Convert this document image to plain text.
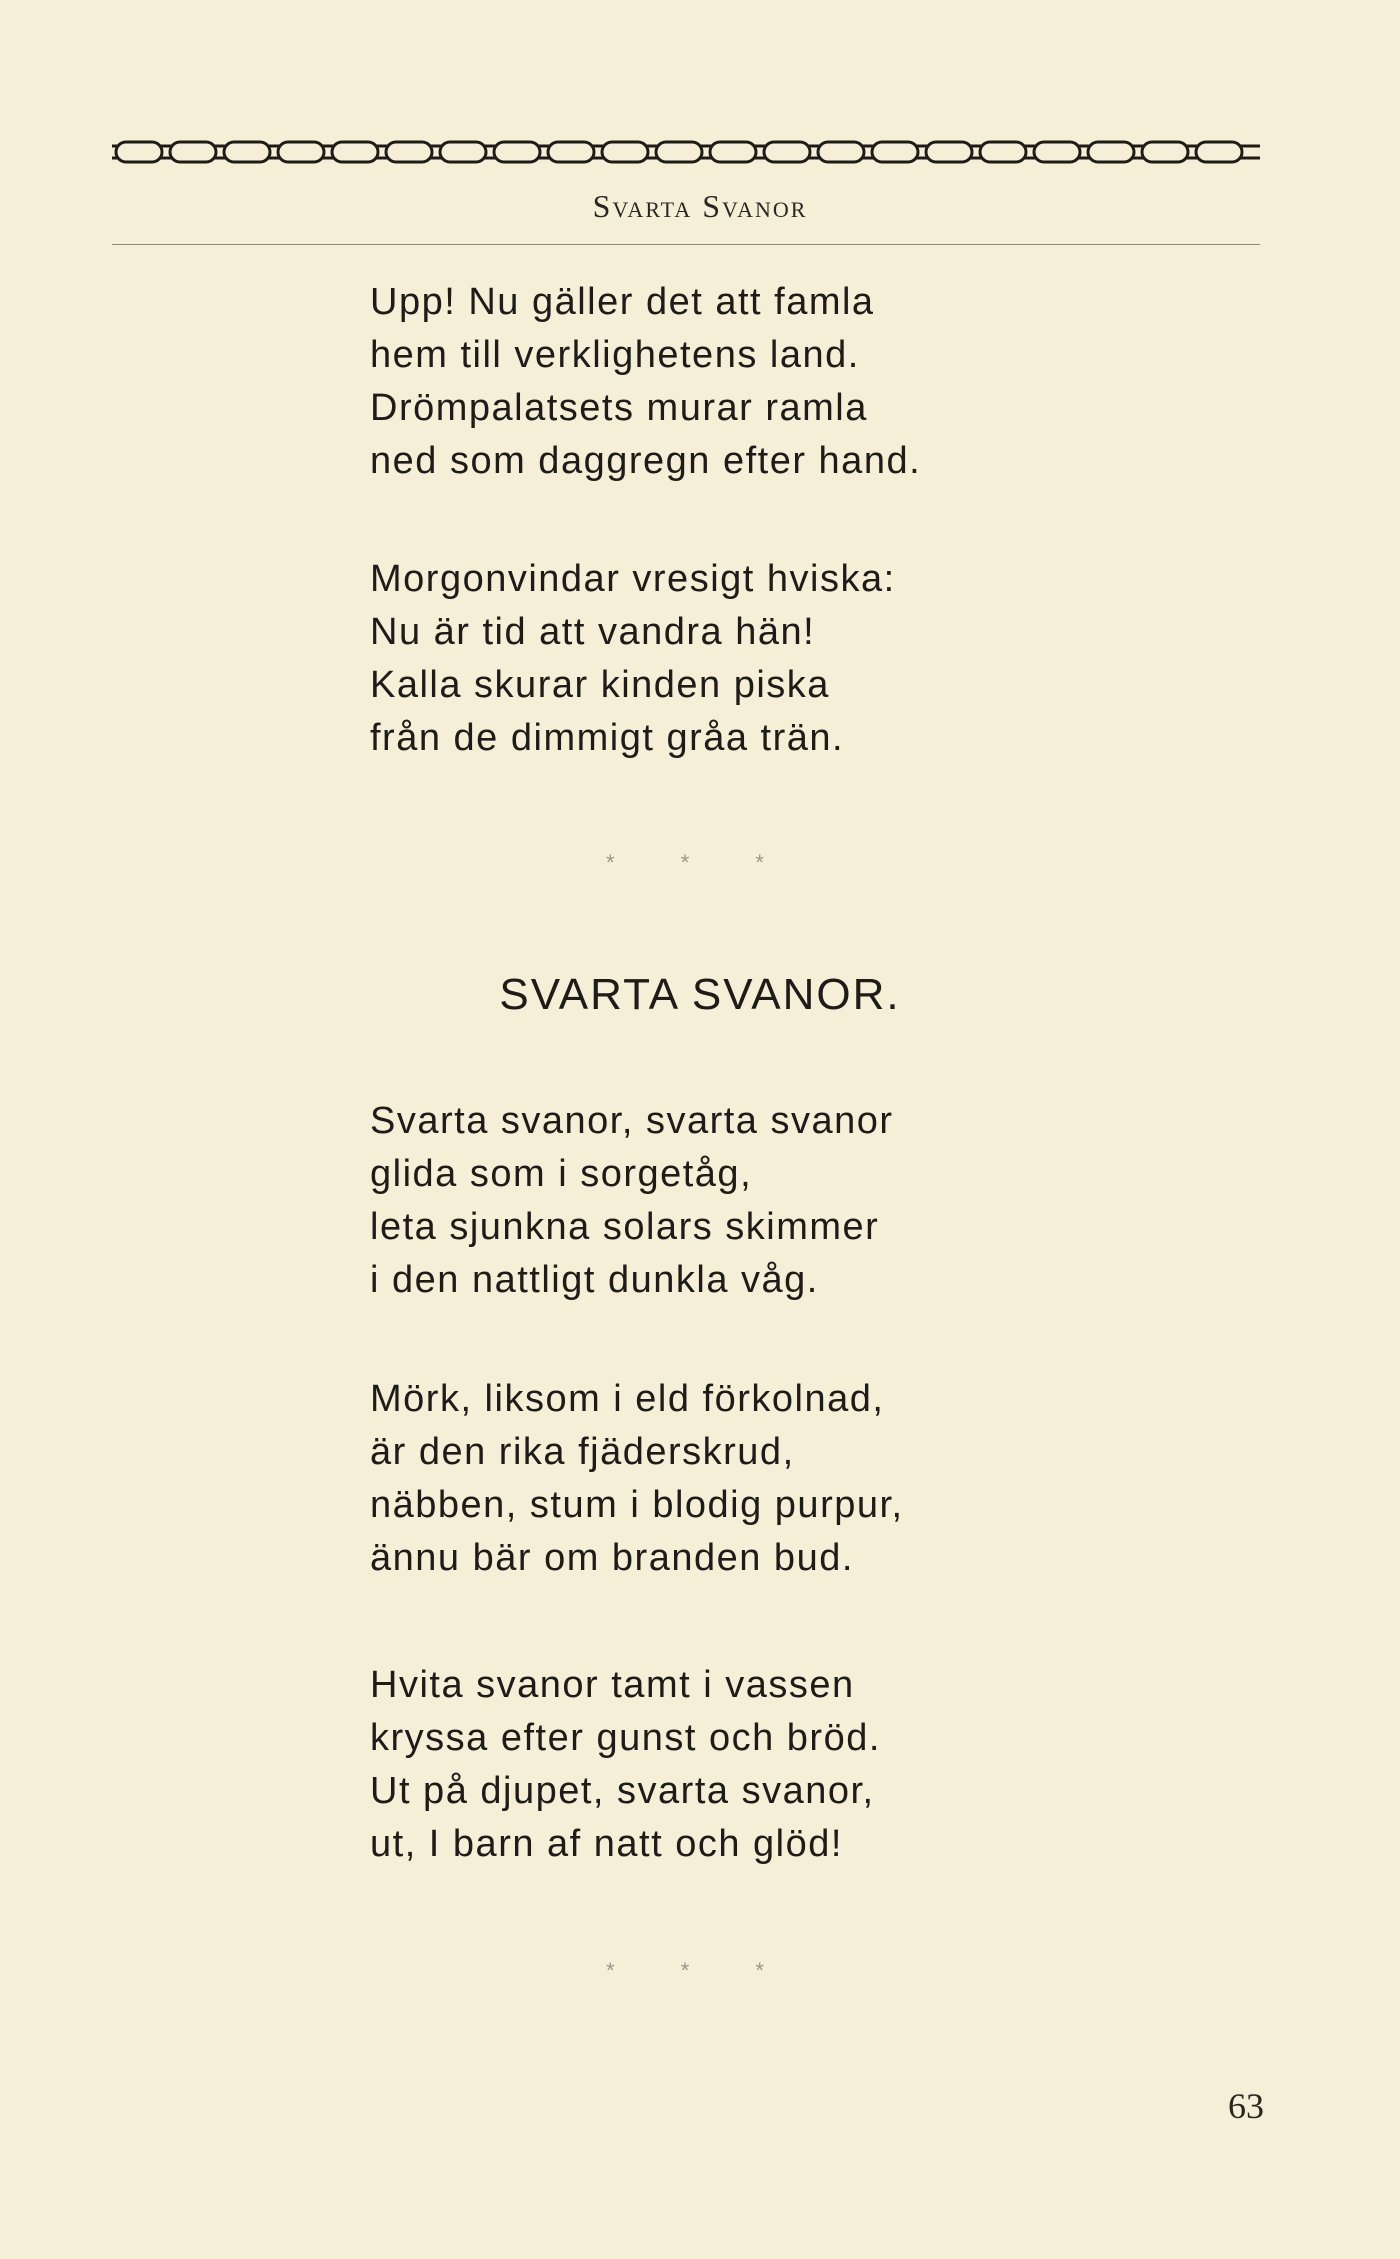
Svarta Svanor
Upp! Nu gäller det att famla
hem till verklighetens land.
Drömpalatsets murar ramla
ned som daggregn efter hand.
Morgonvindar vresigt hviska:
Nu är tid att vandra hän!
Kalla skurar kinden piska
från de dimmigt gråa trän.
* * *
SVARTA SVANOR.
Svarta svanor, svarta svanor
glida som i sorgetåg,
leta sjunkna solars skimmer
i den nattligt dunkla våg.
Mörk, liksom i eld förkolnad,
är den rika fjäderskrud,
näbben, stum i blodig purpur,
ännu bär om branden bud.
Hvita svanor tamt i vassen
kryssa efter gunst och bröd.
Ut på djupet, svarta svanor,
ut, I barn af natt och glöd!
* * *
63
